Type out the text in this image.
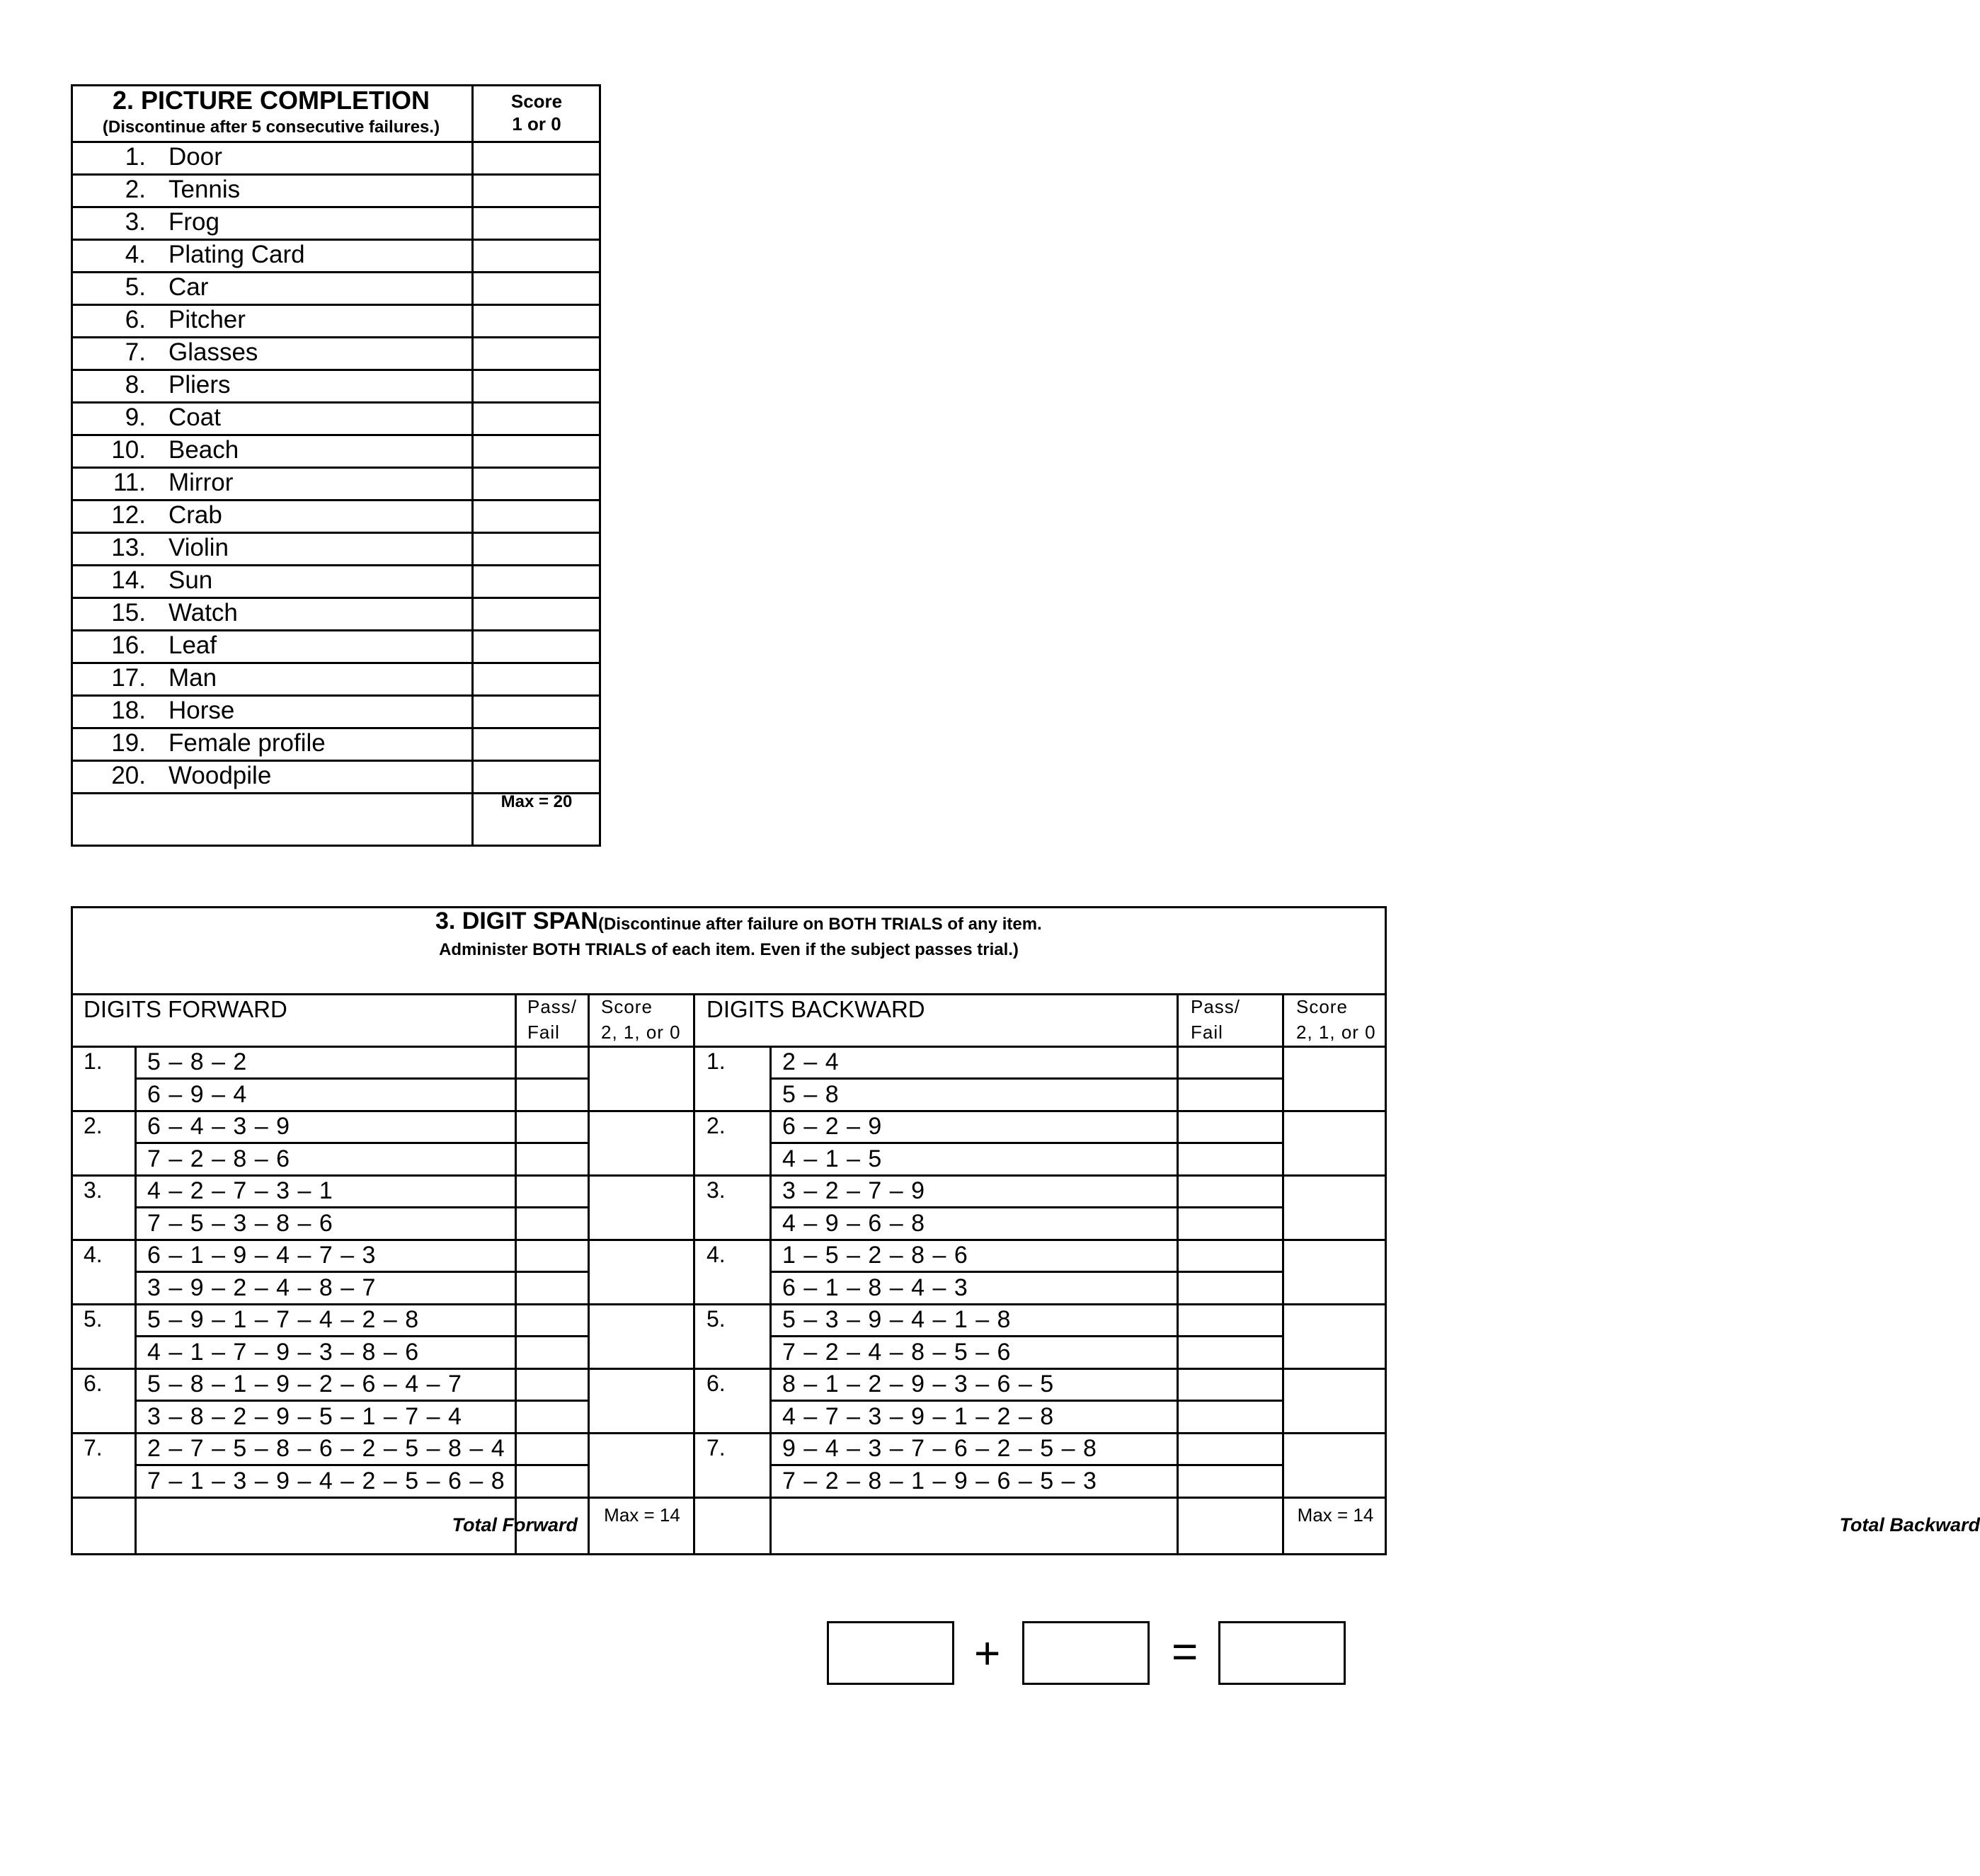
2. PICTURE COMPLETION
(Discontinue after 5 consecutive failures.)
Score
1 or 0
1. Door
2. Tennis
3. Frog
4. Plating Card
5. Car
6. Pitcher
7. Glasses
8. Pliers
9. Coat
10. Beach
11. Mirror
12. Crab
13. Violin
14. Sun
15. Watch
16. Leaf
17. Man
18. Horse
19. Female profile
20. Woodpile
Max = 20
3. DIGIT SPAN (Discontinue after failure on BOTH TRIALS of any item.
Administer BOTH TRIALS of each item. Even if the subject passes trial.)
DIGITS FORWARD	Pass/
Fail
Score
2, 1, or 0
DIGITS BACKWARD	Pass/
Fail
Score
2, 1, or 0
1. 5 – 8 – 2
6 – 9 – 4
1. 2 – 4
5 – 8
2. 6 – 4 – 3 – 9
7 – 2 – 8 – 6
2. 6 – 2 – 9
4 – 1 – 5
3. 4 – 2 – 7 – 3 – 1
7 – 5 – 3 – 8 – 6
3. 3 – 2 – 7 – 9
4 – 9 – 6 – 8
4. 6 – 1 – 9 – 4 – 7 – 3
3 – 9 – 2 – 4 – 8 – 7
4. 1 – 5 – 2 – 8 – 6
6 – 1 – 8 – 4 – 3
5. 5 – 9 – 1 – 7 – 4 – 2 – 8
4 – 1 – 7 – 9 – 3 – 8 – 6
5. 5 – 3 – 9 – 4 – 1 – 8
7 – 2 – 4 – 8 – 5 – 6
6. 5 – 8 – 1 – 9 – 2 – 6 – 4 – 7
3 – 8 – 2 – 9 – 5 – 1 – 7 – 4
6. 8 – 1 – 2 – 9 – 3 – 6 – 5
4 – 7 – 3 – 9 – 1 – 2 – 8
7. 2 – 7 – 5 – 8 – 6 – 2 – 5 – 8 – 4
7 – 1 – 3 – 9 – 4 – 2 – 5 – 6 – 8
7. 9 – 4 – 3 – 7 – 6 – 2 – 5 – 8
7 – 2 – 8 – 1 – 9 – 6 – 5 – 3
Total Forward	Max = 14	Total Backward
Max = 14
+	=
